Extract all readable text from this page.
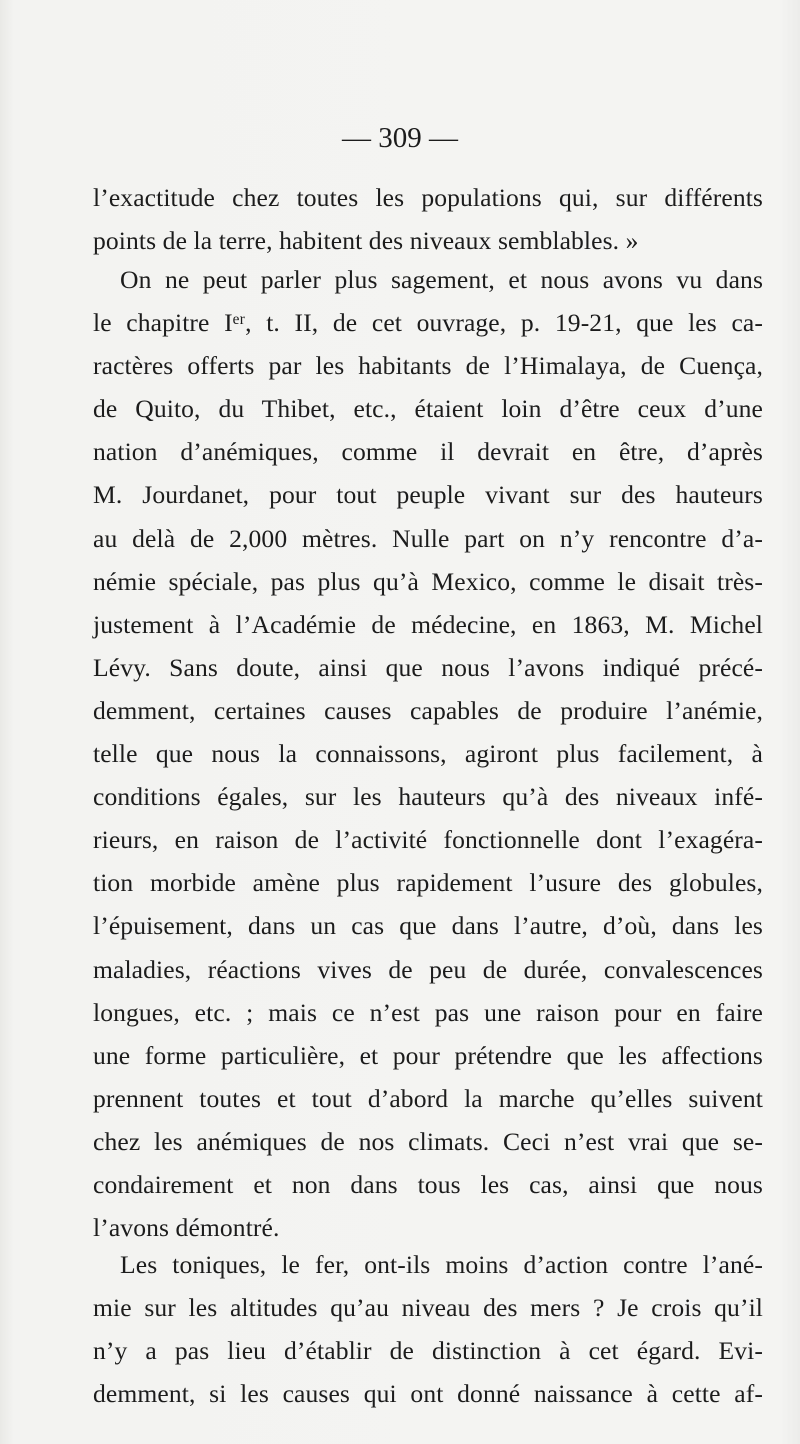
— 309 —
l’exactitude chez toutes les populations qui, sur différents
points de la terre, habitent des niveaux semblables. »
On ne peut parler plus sagement, et nous avons vu dans
le chapitre Iᵉʳ, t. II, de cet ouvrage, p. 19-21, que les ca-
ractères offerts par les habitants de l’Himalaya, de Cuença,
de Quito, du Thibet, etc., étaient loin d’être ceux d’une
nation d’anémiques, comme il devrait en être, d’après
M. Jourdanet, pour tout peuple vivant sur des hauteurs
au delà de 2,000 mètres. Nulle part on n’y rencontre d’a-
némie spéciale, pas plus qu’à Mexico, comme le disait très-
justement à l’Académie de médecine, en 1863, M. Michel
Lévy. Sans doute, ainsi que nous l’avons indiqué précé-
demment, certaines causes capables de produire l’anémie,
telle que nous la connaissons, agiront plus facilement, à
conditions égales, sur les hauteurs qu’à des niveaux infé-
rieurs, en raison de l’activité fonctionnelle dont l’exagéra-
tion morbide amène plus rapidement l’usure des globules,
l’épuisement, dans un cas que dans l’autre, d’où, dans les
maladies, réactions vives de peu de durée, convalescences
longues, etc. ; mais ce n’est pas une raison pour en faire
une forme particulière, et pour prétendre que les affections
prennent toutes et tout d’abord la marche qu’elles suivent
chez les anémiques de nos climats. Ceci n’est vrai que se-
condairement et non dans tous les cas, ainsi que nous
l’avons démontré.
Les toniques, le fer, ont-ils moins d’action contre l’ané-
mie sur les altitudes qu’au niveau des mers ? Je crois qu’il
n’y a pas lieu d’établir de distinction à cet égard. Evi-
demment, si les causes qui ont donné naissance à cette af-
